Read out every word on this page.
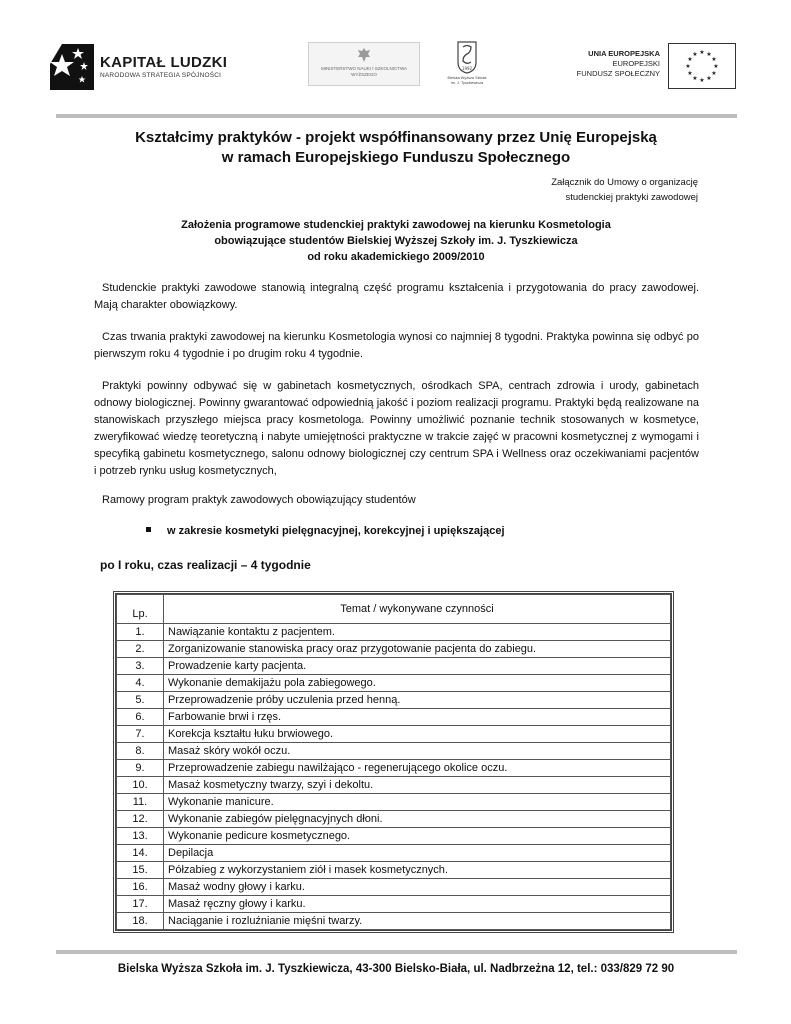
KAPITAŁ LUDZKI
NARODOWA STRATEGIA SPÓJNOŚCI
MINISTERSTWO NAUKI I SZKOLNICTWA WYŻSZEGO
1992
Bielska Wyższa Szkoła
im. J. Tyszkiewicza
UNIA EUROPEJSKA
EUROPEJSKI
FUNDUSZ SPOŁECZNY
★ ★
★
★
★
★
★
★
★
★
★
★
Kształcimy praktyków - projekt współfinansowany przez Unię Europejską
w ramach Europejskiego Funduszu Społecznego
Załącznik do Umowy o organizację
studenckiej praktyki zawodowej
Założenia programowe studenckiej praktyki zawodowej na kierunku Kosmetologia
obowiązujące studentów Bielskiej Wyższej Szkoły im. J. Tyszkiewicza
od roku akademickiego 2009/2010
Studenckie praktyki zawodowe stanowią integralną część programu kształcenia i przygotowania do pracy zawodowej. Mają charakter obowiązkowy.
Czas trwania praktyki zawodowej na kierunku Kosmetologia wynosi co najmniej 8 tygodni. Praktyka powinna się odbyć po pierwszym roku 4 tygodnie i po drugim roku 4 tygodnie.
Praktyki powinny odbywać się w gabinetach kosmetycznych, ośrodkach SPA, centrach zdrowia i urody, gabinetach odnowy biologicznej. Powinny gwarantować odpowiednią jakość i poziom realizacji programu. Praktyki będą realizowane na stanowiskach przyszłego miejsca pracy kosmetologa. Powinny umożliwić poznanie technik stosowanych w kosmetyce, zweryfikować wiedzę teoretyczną i nabyte umiejętności praktyczne w trakcie zajęć w pracowni kosmetycznej z wymogami i specyfiką gabinetu kosmetycznego, salonu odnowy biologicznej czy centrum SPA i Wellness oraz oczekiwaniami pacjentów i potrzeb rynku usług kosmetycznych,
Ramowy program praktyk zawodowych obowiązujący studentów
w zakresie kosmetyki pielęgnacyjnej, korekcyjnej i upiększającej
po I roku, czas realizacji – 4 tygodnie
Lp.	Temat / wykonywane czynności
1.	Nawiązanie kontaktu z pacjentem.
2.	Zorganizowanie stanowiska pracy oraz przygotowanie pacjenta do zabiegu.
3.	Prowadzenie karty pacjenta.
4.	Wykonanie demakijażu pola zabiegowego.
5.	Przeprowadzenie próby uczulenia przed henną.
6.	Farbowanie brwi i rzęs.
7.	Korekcja kształtu łuku brwiowego.
8.	Masaż skóry wokół oczu.
9.	Przeprowadzenie zabiegu nawilżająco - regenerującego okolice oczu.
10.	Masaż kosmetyczny twarzy, szyi i dekoltu.
11.	Wykonanie manicure.
12.	Wykonanie zabiegów pielęgnacyjnych dłoni.
13.	Wykonanie pedicure kosmetycznego.
14.	Depilacja
15.	Półzabieg z wykorzystaniem ziół i masek kosmetycznych.
16.	Masaż wodny głowy i karku.
17.	Masaż ręczny głowy i karku.
18.	Naciąganie i rozluźnianie mięśni twarzy.
Bielska Wyższa Szkoła im. J. Tyszkiewicza, 43-300 Bielsko-Biała, ul. Nadbrzeżna 12, tel.: 033/829 72 90
